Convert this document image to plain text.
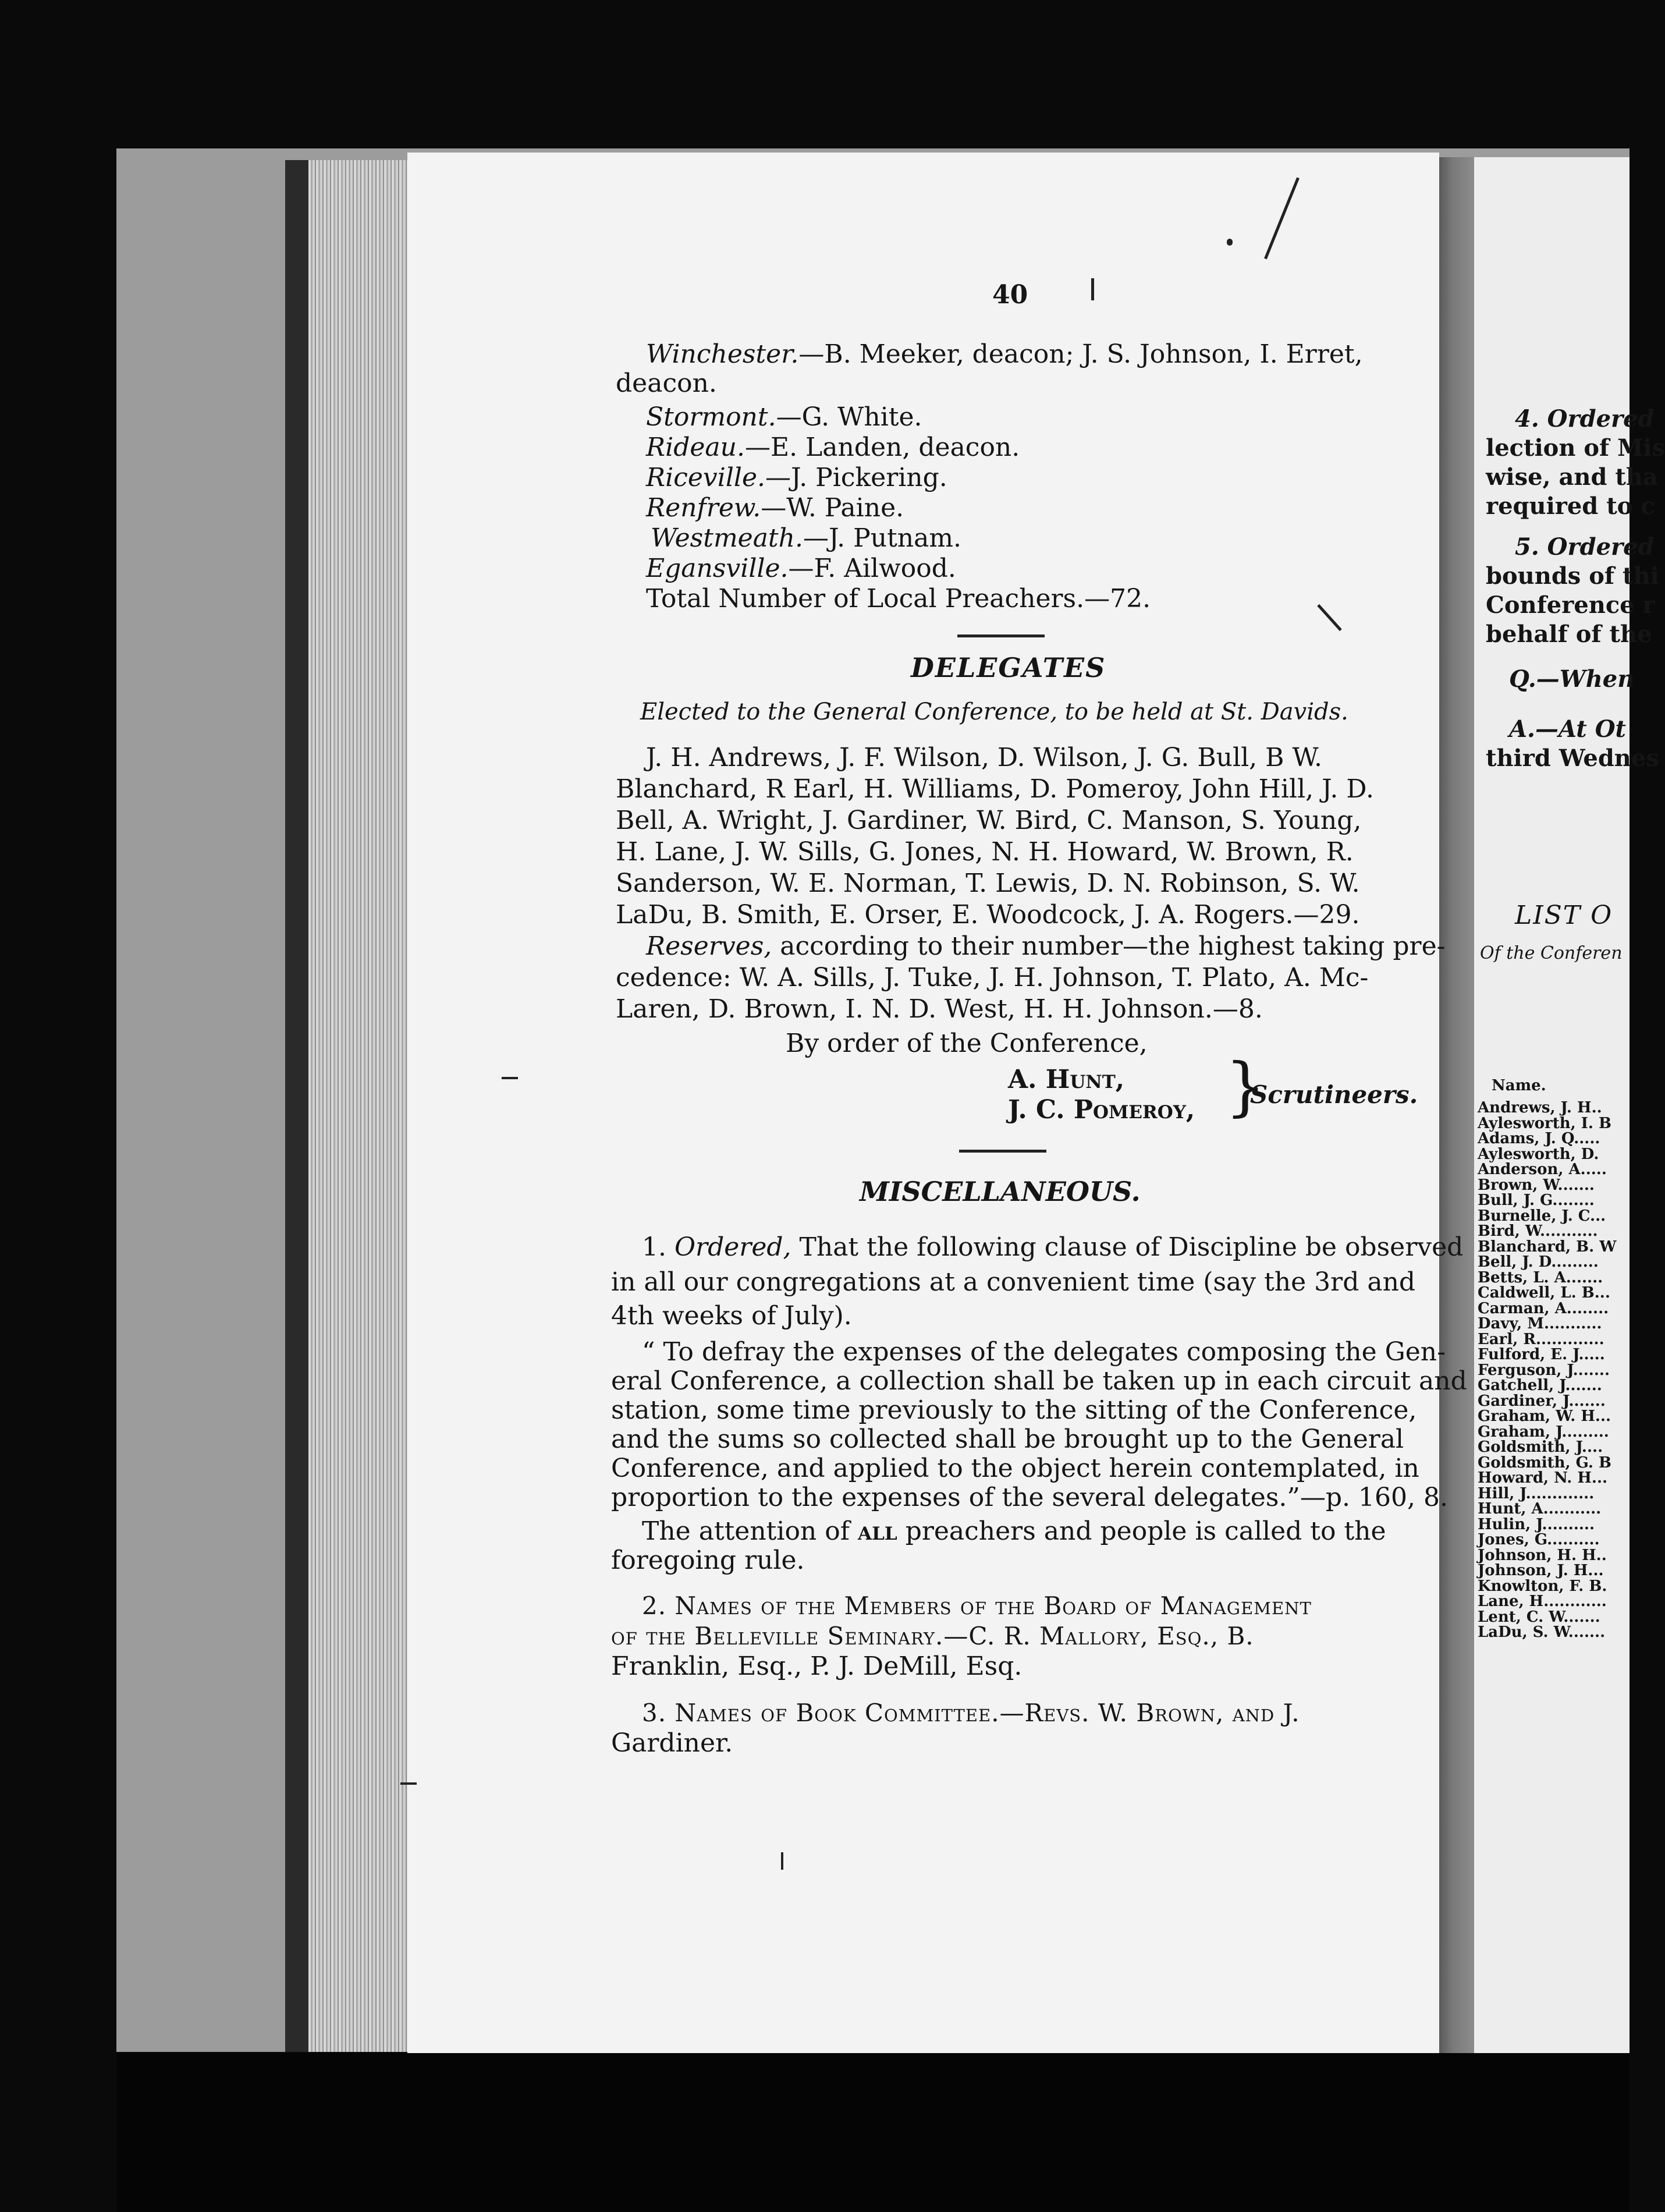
40
Winchester.—B. Meeker, deacon; J. S. Johnson, I. Erret,
deacon.
Stormont.—G. White.
Rideau.—E. Landen, deacon.
Riceville.—J. Pickering.
Renfrew.—W. Paine.
Westmeath.—J. Putnam.
Egansville.—F. Ailwood.
Total Number of Local Preachers.—72.
DELEGATES
Elected to the General Conference, to be held at St. Davids.
J. H. Andrews, J. F. Wilson, D. Wilson, J. G. Bull, B W.
Blanchard, R Earl, H. Williams, D. Pomeroy, John Hill, J. D.
Bell, A. Wright, J. Gardiner, W. Bird, C. Manson, S. Young,
H. Lane, J. W. Sills, G. Jones, N. H. Howard, W. Brown, R.
Sanderson, W. E. Norman, T. Lewis, D. N. Robinson, S. W.
LaDu, B. Smith, E. Orser, E. Woodcock, J. A. Rogers.—29.
Reserves, according to their number—the highest taking pre-
cedence: W. A. Sills, J. Tuke, J. H. Johnson, T. Plato, A. Mc-
Laren, D. Brown, I. N. D. West, H. H. Johnson.—8.
By order of the Conference,
A. Hunt,
J. C. Pomeroy, }
Scrutineers.
MISCELLANEOUS.
1. Ordered, That the following clause of Discipline be observed
in all our congregations at a convenient time (say the 3rd and
4th weeks of July).
“ To defray the expenses of the delegates composing the Gen-
eral Conference, a collection shall be taken up in each circuit and
station, some time previously to the sitting of the Conference,
and the sums so collected shall be brought up to the General
Conference, and applied to the object herein contemplated, in
proportion to the expenses of the several delegates.”—p. 160, 8.
The attention of all preachers and people is called to the
foregoing rule.
2. Names of the Members of the Board of Management
of the Belleville Seminary.—C. R. Mallory, Esq., B.
Franklin, Esq., P. J. DeMill, Esq.
3. Names of Book Committee.—Revs. W. Brown, and J.
Gardiner.
4. Ordered
lection of Mis
wise, and tha
required to c
5. Ordered
bounds of thi
Conference r
behalf of the
Q.—When
A.—At Ot
third Wednes
LIST O
Of the Conferen
Name.
Andrews, J. H..
Aylesworth, I. B
Adams, J. Q.....
Aylesworth, D.
Anderson, A.....
Brown, W.......
Bull, J. G........
Burnelle, J. C...
Bird, W...........
Blanchard, B. W
Bell, J. D.........
Betts, L. A.......
Caldwell, L. B...
Carman, A........
Davy, M...........
Earl, R.............
Fulford, E. J.....
Ferguson, J.......
Gatchell, J.......
Gardiner, J.......
Graham, W. H...
Graham, J.........
Goldsmith, J....
Goldsmith, G. B
Howard, N. H...
Hill, J.............
Hunt, A...........
Hulin, J..........
Jones, G..........
Johnson, H. H..
Johnson, J. H...
Knowlton, F. B.
Lane, H............
Lent, C. W.......
LaDu, S. W.......
